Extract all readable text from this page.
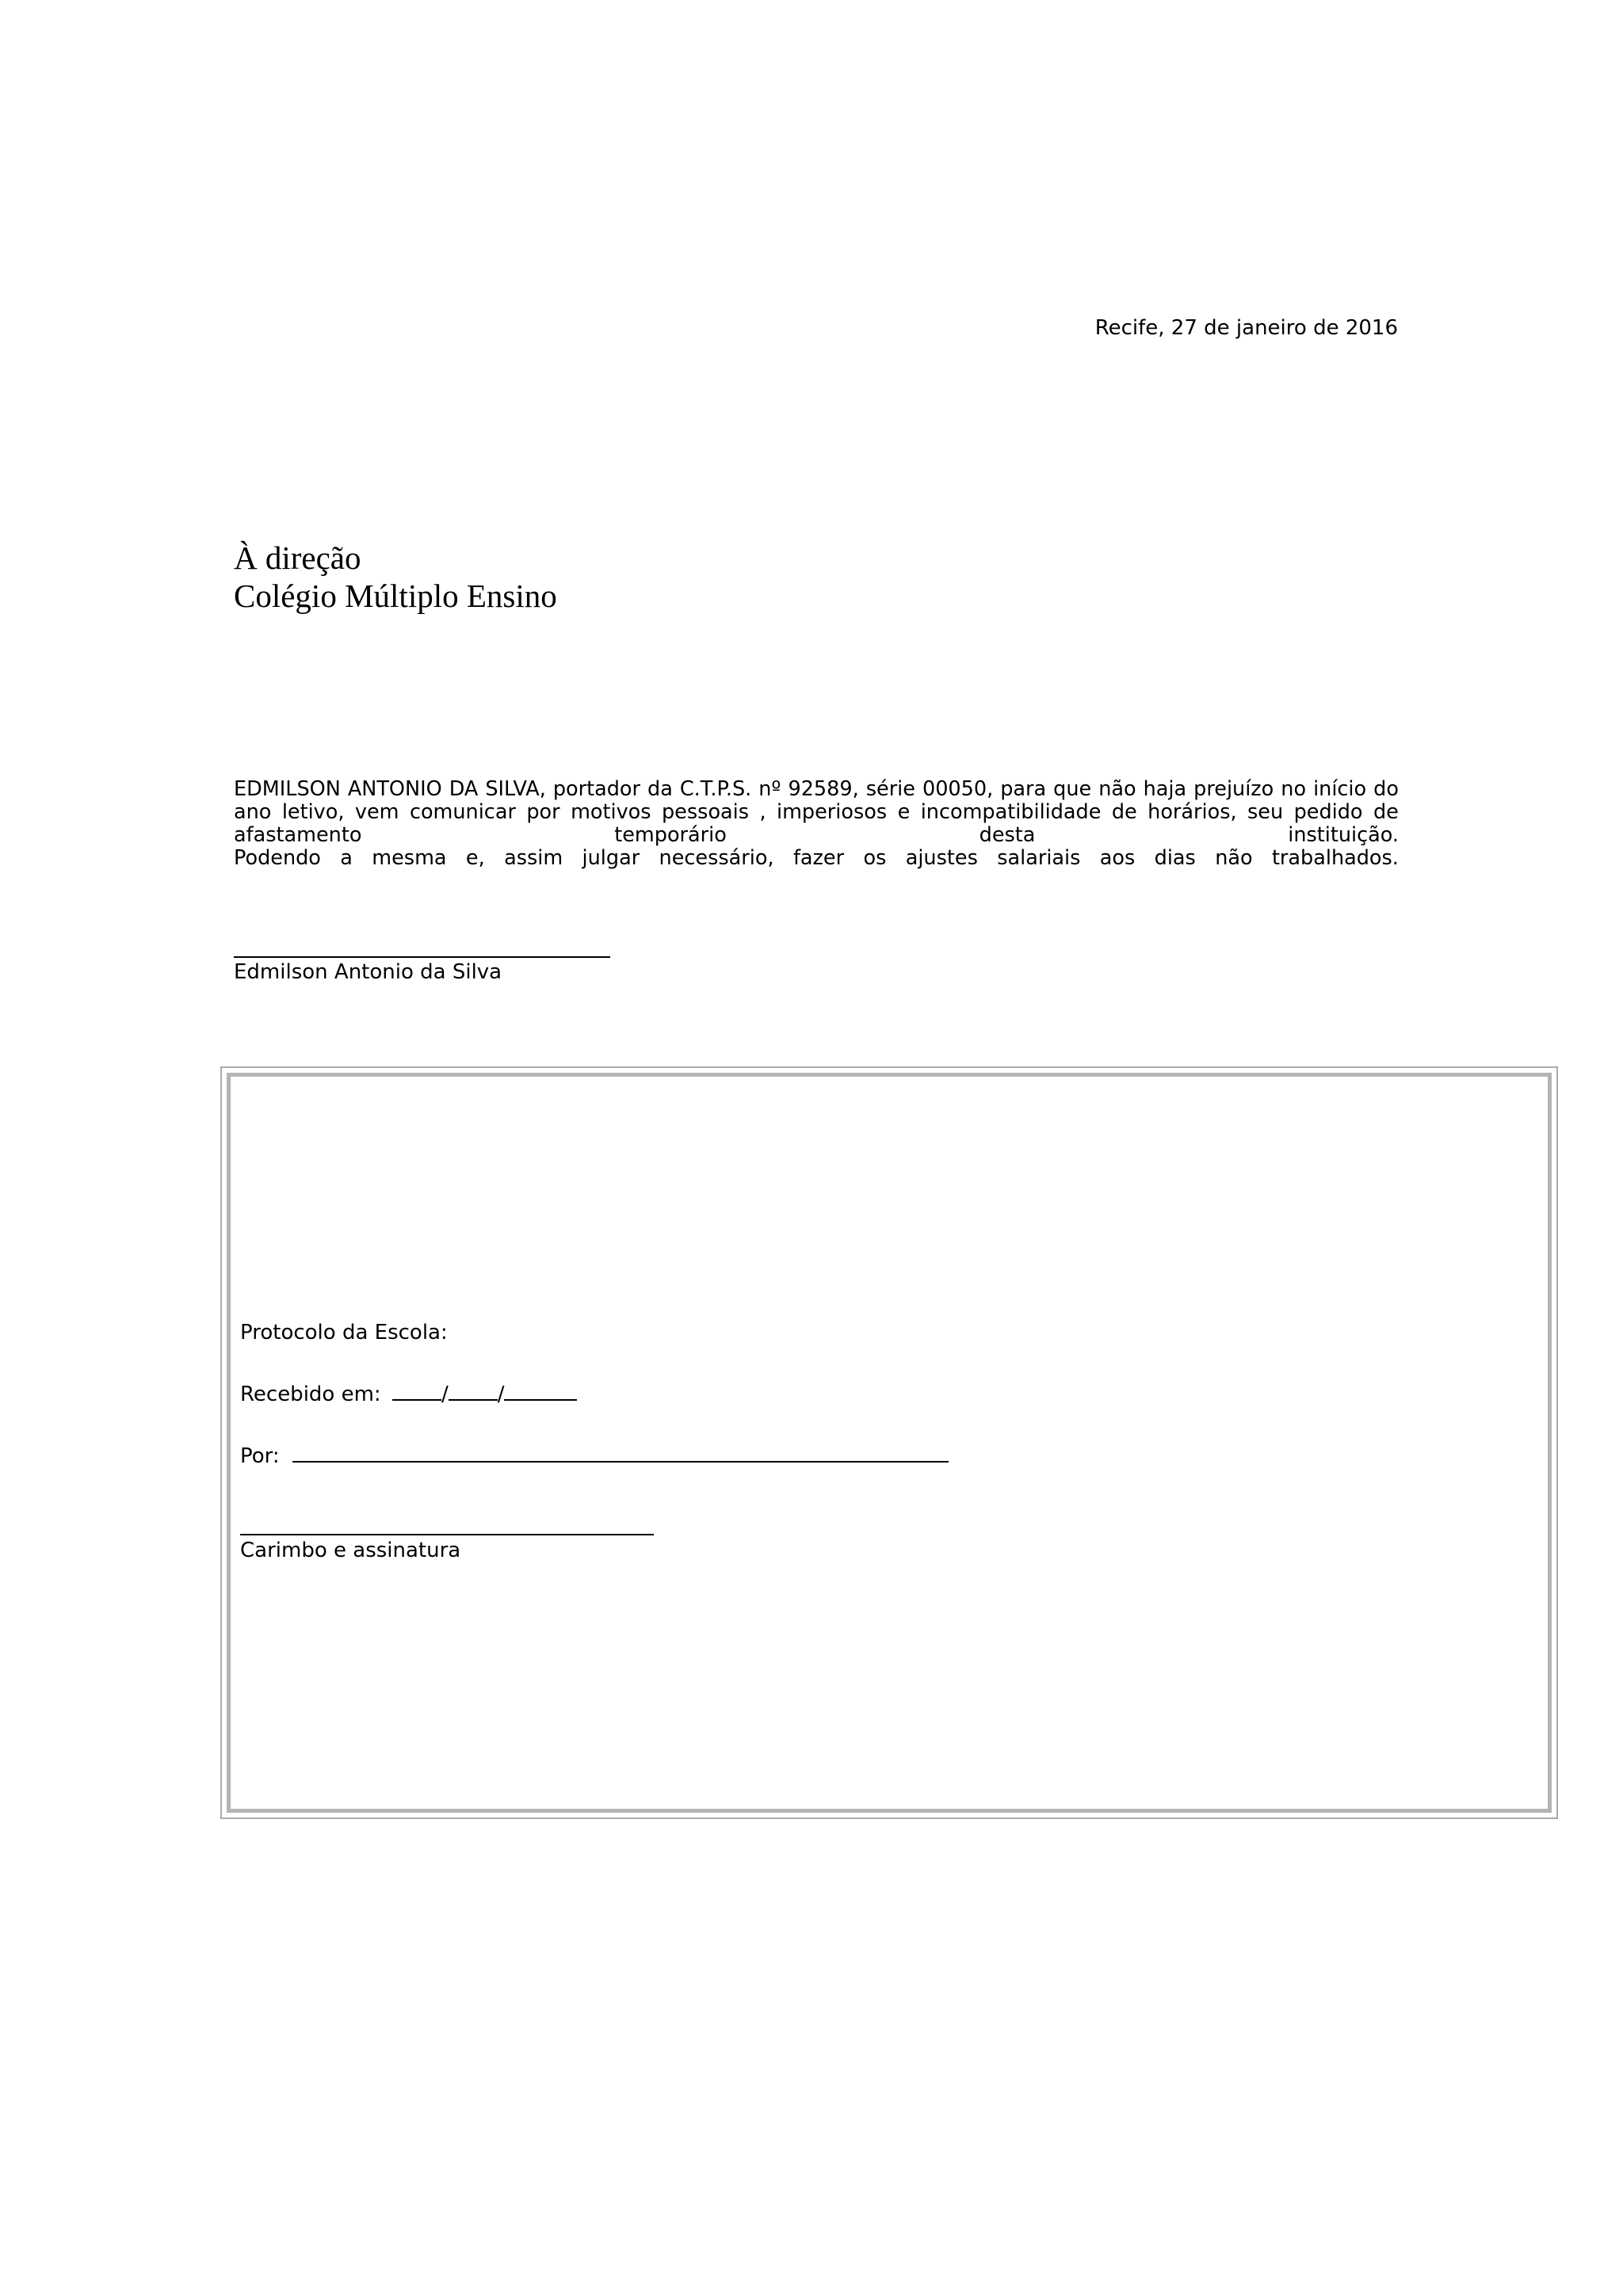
Recife, 27 de janeiro de 2016
À direção
Colégio Múltiplo Ensino
EDMILSON ANTONIO DA SILVA, portador da C.T.P.S. nº 92589, série 00050, para que não haja prejuízo no início do
ano letivo, vem comunicar por motivos pessoais , imperiosos e incompatibilidade de horários, seu pedido de
afastamento	temporário	desta	instituição.
Podendo a mesma e, assim julgar necessário, fazer os ajustes salariais aos dias não trabalhados.
Edmilson Antonio da Silva
Protocolo da Escola:
Recebido em:	/ /
Por:
Carimbo e assinatura
